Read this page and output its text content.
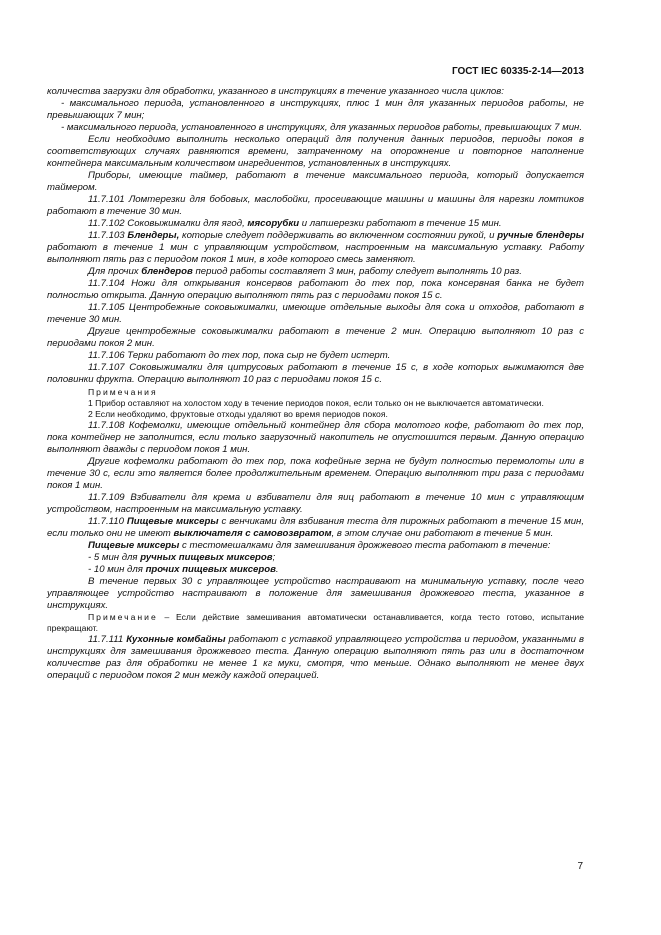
ГОСТ IEC 60335-2-14—2013

количества загрузки для обработки, указанного в инструкциях в течение указанного числа циклов:

- максимального периода, установленного в инструкциях, плюс 1 мин для указанных периодов работы, не превышающих 7 мин;

- максимального периода, установленного в инструкциях, для указанных периодов работы, превышающих 7 мин.

Если необходимо выполнить несколько операций для получения данных периодов, периоды покоя в соответствующих случаях равняются времени, затраченному на опорожнение и повторное наполнение контейнера максимальным количеством ингредиентов, установленных в инструкциях.

Приборы, имеющие таймер, работают в течение максимального периода, который допускается таймером.

11.7.101 Ломтерезки для бобовых, маслобойки, просеивающие машины и машины для нарезки ломтиков работают в течение 30 мин.

11.7.102 Соковыжималки для ягод, мясорубки и лапшерезки работают в течение 15 мин.

11.7.103 Блендеры, которые следует поддерживать во включенном состоянии рукой, и ручные блендеры работают в течение 1 мин с управляющим устройством, настроенным на максимальную уставку. Работу выполняют пять раз с периодом покоя 1 мин, в ходе которого смесь заменяют.

Для прочих блендеров период работы составляет 3 мин, работу следует выполнять 10 раз.

11.7.104 Ножи для открывания консервов работают до тех пор, пока консервная банка не будет полностью открыта. Данную операцию выполняют пять раз с периодами покоя 15 с.

11.7.105 Центробежные соковыжималки, имеющие отдельные выходы для сока и отходов, работают в течение 30 мин.

Другие центробежные соковыжималки работают в течение 2 мин. Операцию выполняют 10 раз с периодами покоя 2 мин.

11.7.106 Терки работают до тех пор, пока сыр не будет истерт.

11.7.107 Соковыжималки для цитрусовых работают в течение 15 с, в ходе которых выжимаются две половинки фрукта. Операцию выполняют 10 раз с периодами покоя 15 с.

Примечания

1 Прибор оставляют на холостом ходу в течение периодов покоя, если только он не выключается автоматически.

2 Если необходимо, фруктовые отходы удаляют во время периодов покоя.

11.7.108 Кофемолки, имеющие отдельный контейнер для сбора молотого кофе, работают до тех пор, пока контейнер не заполнится, если только загрузочный накопитель не опустошится первым. Данную операцию выполняют дважды с периодом покоя 1 мин.

Другие кофемолки работают до тех пор, пока кофейные зерна не будут полностью перемолоты или в течение 30 с, если это является более продолжительным временем. Операцию выполняют три раза с периодами покоя 1 мин.

11.7.109 Взбиватели для крема и взбиватели для яиц работают в течение 10 мин с управляющим устройством, настроенным на максимальную уставку.

11.7.110 Пищевые миксеры с венчиками для взбивания теста для пирожных работают в течение 15 мин, если только они не имеют выключателя с самовозвратом, в этом случае они работают в течение 5 мин.

Пищевые миксеры с тестомешалками для замешивания дрожжевого теста работают в течение:

- 5 мин для ручных пищевых миксеров;

- 10 мин для прочих пищевых миксеров.

В течение первых 30 с управляющее устройство настраивают на минимальную уставку, после чего управляющее устройство настраивают в положение для замешивания дрожжевого теста, указанное в инструкциях.

Примечание – Если действие замешивания автоматически останавливается, когда тесто готово, испытание прекращают.

11.7.111 Кухонные комбайны работают с уставкой управляющего устройства и периодом, указанными в инструкциях для замешивания дрожжевого теста. Данную операцию выполняют пять раз или в достаточном количестве раз для обработки не менее 1 кг муки, смотря, что меньше. Однако выполняют не менее двух операций с периодом покоя 2 мин между каждой операцией.

7
